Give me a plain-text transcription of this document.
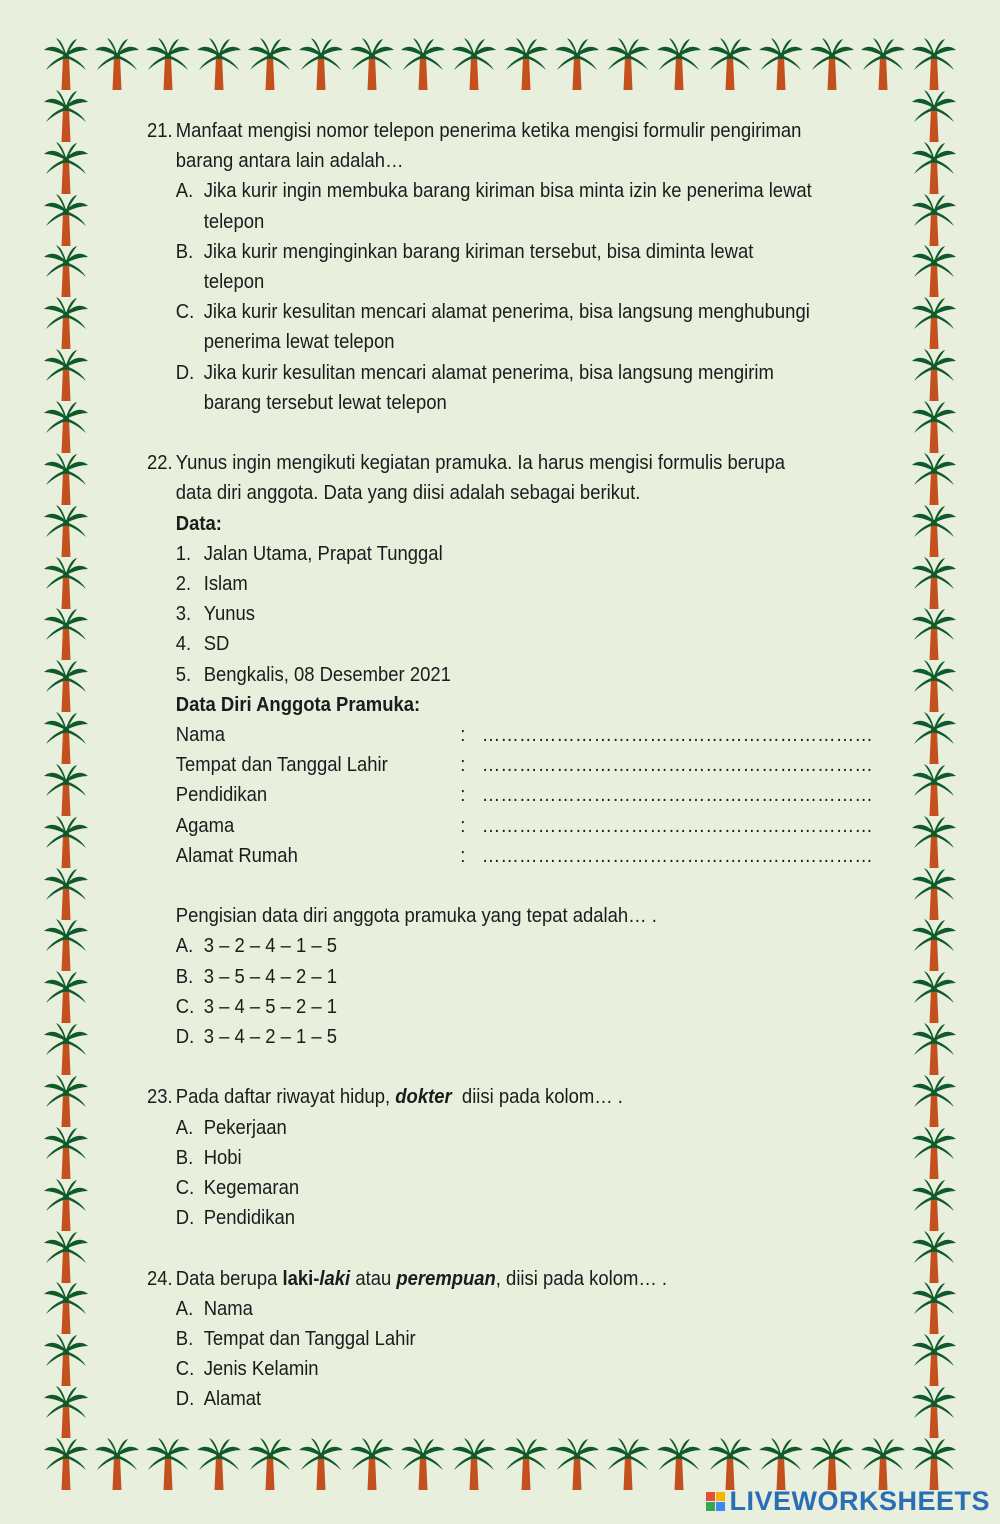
21. Manfaat mengisi nomor telepon penerima ketika mengisi formulir pengiriman barang antara lain adalah…

A. Jika kurir ingin membuka barang kiriman bisa minta izin ke penerima lewat telepon

B. Jika kurir menginginkan barang kiriman tersebut, bisa diminta lewat telepon

C. Jika kurir kesulitan mencari alamat penerima, bisa langsung menghubungi penerima lewat telepon

D. Jika kurir kesulitan mencari alamat penerima, bisa langsung mengirim barang tersebut lewat telepon

22. Yunus ingin mengikuti kegiatan pramuka. Ia harus mengisi formulis berupa data diri anggota. Data yang diisi adalah sebagai berikut.

Data:

1. Jalan Utama, Prapat Tunggal

2. Islam

3. Yunus

4. SD

5. Bengkalis, 08 Desember 2021

Data Diri Anggota Pramuka:

Nama	: ………………………………………………………
Tempat dan Tanggal Lahir	: ………………………………………………………
Pendidikan	: ………………………………………………………
Agama	: ………………………………………………………
Alamat Rumah	: ………………………………………………………

Pengisian data diri anggota pramuka yang tepat adalah… .

A. 3 – 2 – 4 – 1 – 5

B. 3 – 5 – 4 – 2 – 1

C. 3 – 4 – 5 – 2 – 1

D. 3 – 4 – 2 – 1 – 5

23. Pada daftar riwayat hidup, dokter  diisi pada kolom… .

A. Pekerjaan

B. Hobi

C. Kegemaran

D. Pendidikan

24. Data berupa laki-laki atau perempuan, diisi pada kolom… .

A. Nama

B. Tempat dan Tanggal Lahir

C. Jenis Kelamin

D. Alamat

LIVEWORKSHEETS
